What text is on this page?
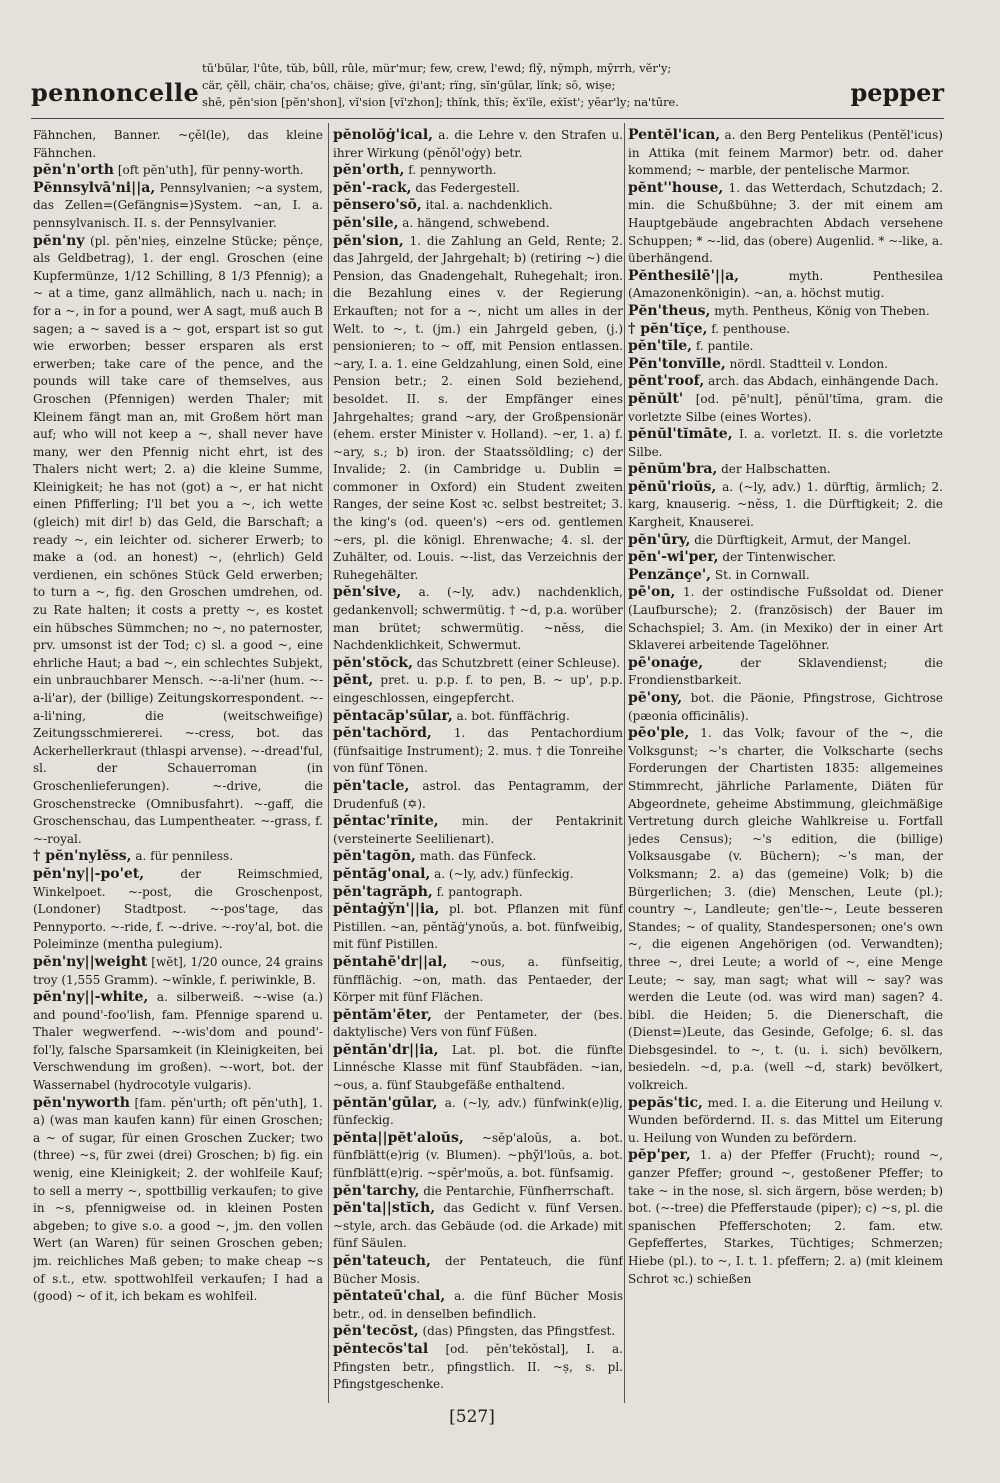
pennoncelle
tū'būlar, l'ûte, tŭb, bûll, rûle, mür'mur; few, crew, l'ewd; flȳ, nȳmph, mȳrrh, vĕr'y;
cär, çĕll, chäir, cha'os, chäise; gïve, ġi'ant; rïng, sĭn'gūlar, lĭnk; sō, wiṣe;
shē, pĕn'sion [pĕn'shon], vĭ'sion [vĭ'zhon]; thĭnk, thĭs; ĕx'ĭle, eẋĭst'; yēar'ly; na'tūre.	pepper

Fähnchen, Banner. ~çĕl(le), das kleine Fähnchen.

pĕn'n'orth [oft pĕn'uth], für penny-worth.

Pĕnnsylvā'ni||a, Pennsylvanien; ~a system, das Zellen=(Gefängnis=)System. ~an, I. a. pennsylvanisch. II. s. der Pennsylvanier.

pĕn'ny (pl. pĕn'nieṣ, einzelne Stücke; pĕnçe, als Geldbetrag), 1. der engl. Groschen (eine Kupfermünze, 1/12 Schilling, 8 1/3 Pfennig); a ~ at a time, ganz allmählich, nach u. nach; in for a ~, in for a pound, wer A sagt, muß auch B sagen; a ~ saved is a ~ got, erspart ist so gut wie erworben; besser ersparen als erst erwerben; take care of the pence, and the pounds will take care of themselves, aus Groschen (Pfennigen) werden Thaler; mit Kleinem fängt man an, mit Großem hört man auf; who will not keep a ~, shall never have many, wer den Pfennig nicht ehrt, ist des Thalers nicht wert; 2. a) die kleine Summe, Kleinigkeit; he has not (got) a ~, er hat nicht einen Pfifferling; I'll bet you a ~, ich wette (gleich) mit dir! b) das Geld, die Barschaft; a ready ~, ein leichter od. sicherer Erwerb; to make a (od. an honest) ~, (ehrlich) Geld verdienen, ein schönes Stück Geld erwerben; to turn a ~, fig. den Groschen umdrehen, od. zu Rate halten; it costs a pretty ~, es kostet ein hübsches Sümmchen; no ~, no paternoster, prv. umsonst ist der Tod; c) sl. a good ~, eine ehrliche Haut; a bad ~, ein schlechtes Subjekt, ein unbrauchbarer Mensch. ~-a-li'ner (hum. ~-a-li'ar), der (billige) Zeitungskorrespondent. ~-a-li'ning, die (weitschweifige) Zeitungsschmiererei. ~-cress, bot. das Ackerhellerkraut (thlaspi arvense). ~-dread'ful, sl. der Schauerroman (in Groschenlieferungen). ~-drive, die Groschenstrecke (Omnibusfahrt). ~-gaff, die Groschenschau, das Lumpentheater. ~-grass, f. ~-royal.

† pĕn'nylĕss, a. für penniless.

pĕn'ny||-po'et,	der Reimschmied, Winkelpoet. ~-post, die Groschenpost, (Londoner) Stadtpost. ~-pos'tage, das Pennyporto. ~-ride, f. ~-drive. ~-roy'al, bot. die Poleiminze (mentha pulegium).

pĕn'ny||weight [wĕt], 1/20 ounce, 24 grains troy (1,555 Gramm). ~wĭnkle, f. periwinkle, B.

pĕn'ny||-white, a. silberweiß. ~-wise (a.) and pound'-foo'lish, fam. Pfennige sparend u. Thaler wegwerfend. ~-wis'dom and pound'-fol'ly, falsche Sparsamkeit (in Kleinigkeiten, bei Verschwendung im großen). ~-wort, bot. der Wassernabel (hydrocotyle vulgaris).

pĕn'nyworth [fam. pĕn'urth; oft pĕn'uth], 1. a) (was man kaufen kann) für einen Groschen; a ~ of sugar, für einen Groschen Zucker; two (three) ~s, für zwei (drei) Groschen; b) fig. ein wenig, eine Kleinigkeit; 2. der wohlfeile Kauf; to sell a merry ~, spottbillig verkaufen; to give in ~s, pfennigweise od. in kleinen Posten abgeben; to give s.o. a good ~, jm. den vollen Wert (an Waren) für seinen Groschen geben; jm. reichliches Maß geben; to make cheap ~s of s.t., etw. spottwohlfeil verkaufen; I had a (good) ~ of it, ich bekam es wohlfeil.

pĕnolŏġ'ical, a. die Lehre v. den Strafen u. ihrer Wirkung (pĕnŏl'oġy) betr.

pĕn'orth, f. pennyworth.

pĕn'-rack, das Federgestell.

pĕnsero'sō, ital. a. nachdenklich.

pĕn'sile, a. hängend, schwebend.

pĕn'sion, 1. die Zahlung an Geld, Rente; 2. das Jahrgeld, der Jahrgehalt; b) (retiring ~) die Pension, das Gnadengehalt, Ruhegehalt; iron. die Bezahlung eines v. der Regierung Erkauften; not for a ~, nicht um alles in der Welt. to ~, t. (jm.) ein Jahrgeld geben, (j.) pensionieren; to ~ off, mit Pension entlassen. ~ary, I. a. 1. eine Geldzahlung, einen Sold, eine Pension betr.; 2. einen Sold beziehend, besoldet. II. s. der Empfänger eines Jahrgehaltes; grand ~ary, der Großpensionär (ehem. erster Minister v. Holland). ~er, 1. a) f. ~ary, s.; b) iron. der Staatssöldling; c) der Invalide; 2. (in Cambridge u. Dublin = commoner in Oxford) ein Student zweiten Ranges, der seine Kost ꝛc. selbst bestreitet; 3. the king's (od. queen's) ~ers od. gentlemen ~ers, pl. die königl. Ehrenwache; 4. sl. der Zuhälter, od. Louis. ~-list, das Verzeichnis der Ruhegehälter.

pĕn'sive, a. (~ly, adv.) nachdenklich, gedankenvoll; schwermütig. † ~d, p.a. worüber man brütet; schwermütig. ~nĕss, die Nachdenklichkeit, Schwermut.

pĕn'stŏck, das Schutzbrett (einer Schleuse).

pĕnt, pret. u. p.p. f. to pen, B. ~ up', p.p. eingeschlossen, eingepfercht.

pĕntacăp'sūlar, a. bot. fünffächrig.

pĕn'tachŏrd, 1. das Pentachordium (fünfsaitige Instrument); 2. mus. † die Tonreihe von fünf Tönen.

pĕn'tacle, astrol. das Pentagramm, der Drudenfuß (✡).

pĕntac'rĭnite, min. der Pentakrinit (versteinerte Seelilienart).

pĕn'tagŏn, math. das Fünfeck.

pĕntăg'onal, a. (~ly, adv.) fünfeckig.

pĕn'tagrăph, f. pantograph.

pĕntaġy̆n'||ia, pl. bot. Pflanzen mit fünf Pistillen. ~an, pĕntăġ'ynoŭs, a. bot. fünfweibig, mit fünf Pistillen.

pĕntahē'dr||al, ~ous, a. fünfseitig, fünfflächig. ~on, math. das Pentaeder, der Körper mit fünf Flächen.

pĕntăm'ēter, der Pentameter, der (bes. daktylische) Vers von fünf Füßen.

pĕntăn'dr||ia, Lat. pl. bot. die fünfte Linnésche Klasse mit fünf Staubfäden. ~ian, ~ous, a. fünf Staubgefäße enthaltend.

pĕntăn'gūlar, a. (~ly, adv.) fünfwink(e)lig, fünfeckig.

pĕnta||pĕt'aloŭs, ~sĕp'aloŭs, a. bot. fünfblätt(e)rig (v. Blumen). ~phy̆l'loŭs, a. bot. fünfblätt(e)rig. ~spĕr'moŭs, a. bot. fünfsamig.

pĕn'tarchy, die Pentarchie, Fünfherrschaft.

pĕn'ta||stĭch, das Gedicht v. fünf Versen. ~style, arch. das Gebäude (od. die Arkade) mit fünf Säulen.

pĕn'tateuch, der Pentateuch, die fünf Bücher Mosis.

pĕntateū'chal, a. die fünf Bücher Mosis betr., od. in denselben befindlich.

pĕn'tecŏst, (das) Pfingsten, das Pfingstfest.

pĕntecŏs'tal [od. pĕn'tekŏstal], I. a. Pfingsten betr., pfingstlich. II. ~ṣ, s. pl. Pfingstgeschenke.

Pentĕl'ican, a. den Berg Pentelikus (Pentĕl'icus) in Attika (mit feinem Marmor) betr. od. daher kommend; ~ marble, der pentelische Marmor.

pĕnt''house, 1. das Wetterdach, Schutzdach; 2. min. die Schußbühne; 3. der mit einem am Hauptgebäude angebrachten Abdach versehene Schuppen; * ~-lid, das (obere) Augenlid. * ~-like, a. überhängend.

Pĕnthesilē'||a,	myth. Penthesilea (Amazonenkönigin). ~an, a. höchst mutig.

Pĕn'theus, myth. Pentheus, König von Theben.

† pĕn'tĭçe, f. penthouse.

pĕn'tĭle, f. pantile.

Pĕn'tonvĭlle, nördl. Stadtteil v. London.

pĕnt'roof, arch. das Abdach, einhängende Dach.

pĕnŭlt' [od. pē'nult], pĕnŭl'tĭma, gram. die vorletzte Silbe (eines Wortes).

pĕnŭl'tĭmāte, I. a. vorletzt. II. s. die vorletzte Silbe.

pĕnŭm'bra, der Halbschatten.

pĕnū'rioŭs, a. (~ly, adv.) 1. dürftig, ärmlich; 2. karg, knauserig. ~nĕss, 1. die Dürftigkeit; 2. die Kargheit, Knauserei.

pĕn'ūry, die Dürftigkeit, Armut, der Mangel.

pĕn'-wi'per, der Tintenwischer.

Penzănçe', St. in Cornwall.

pē'on, 1. der ostindische Fußsoldat od. Diener (Laufbursche); 2. (französisch) der Bauer im Schachspiel; 3. Am. (in Mexiko) der in einer Art Sklaverei arbeitende Tagelöhner.

pē'onaġe,	der Sklavendienst; die Frondienstbarkeit.

pē'ony, bot. die Päonie, Pfingstrose, Gichtrose (pæonia officinālis).

pēo'ple, 1. das Volk; favour of the ~, die Volksgunst; ~'s charter, die Volkscharte (sechs Forderungen der Chartisten 1835: allgemeines Stimmrecht, jährliche Parlamente, Diäten für Abgeordnete, geheime Abstimmung, gleichmäßige Vertretung durch gleiche Wahlkreise u. Fortfall jedes Census); ~'s edition, die (billige) Volksausgabe (v. Büchern); ~'s man, der Volksmann; 2. a) das (gemeine) Volk; b) die Bürgerlichen; 3. (die) Menschen, Leute (pl.); country ~, Landleute; gen'tle-~, Leute besseren Standes; ~ of quality, Standespersonen; one's own ~, die eigenen Angehörigen (od. Verwandten); three ~, drei Leute; a world of ~, eine Menge Leute; ~ say, man sagt; what will ~ say? was werden die Leute (od. was wird man) sagen? 4. bibl. die Heiden; 5. die Dienerschaft, die (Dienst=)Leute, das Gesinde, Gefolge; 6. sl. das Diebsgesindel. to ~, t. (u. i. sich) bevölkern, besiedeln. ~d, p.a. (well ~d, stark) bevölkert, volkreich.

pepăs'tic, med. I. a. die Eiterung und Heilung v. Wunden befördernd. II. s. das Mittel um Eiterung u. Heilung von Wunden zu befördern.

pĕp'per, 1. a) der Pfeffer (Frucht); round ~, ganzer Pfeffer; ground ~, gestoßener Pfeffer; to take ~ in the nose, sl. sich ärgern, böse werden; b) bot. (~-tree) die Pfefferstaude (piper); c) ~s, pl. die spanischen Pfefferschoten; 2. fam. etw. Gepfeffertes, Starkes, Tüchtiges; Schmerzen; Hiebe (pl.). to ~, I. t. 1. pfeffern; 2. a) (mit kleinem Schrot ꝛc.) schießen

[527]
